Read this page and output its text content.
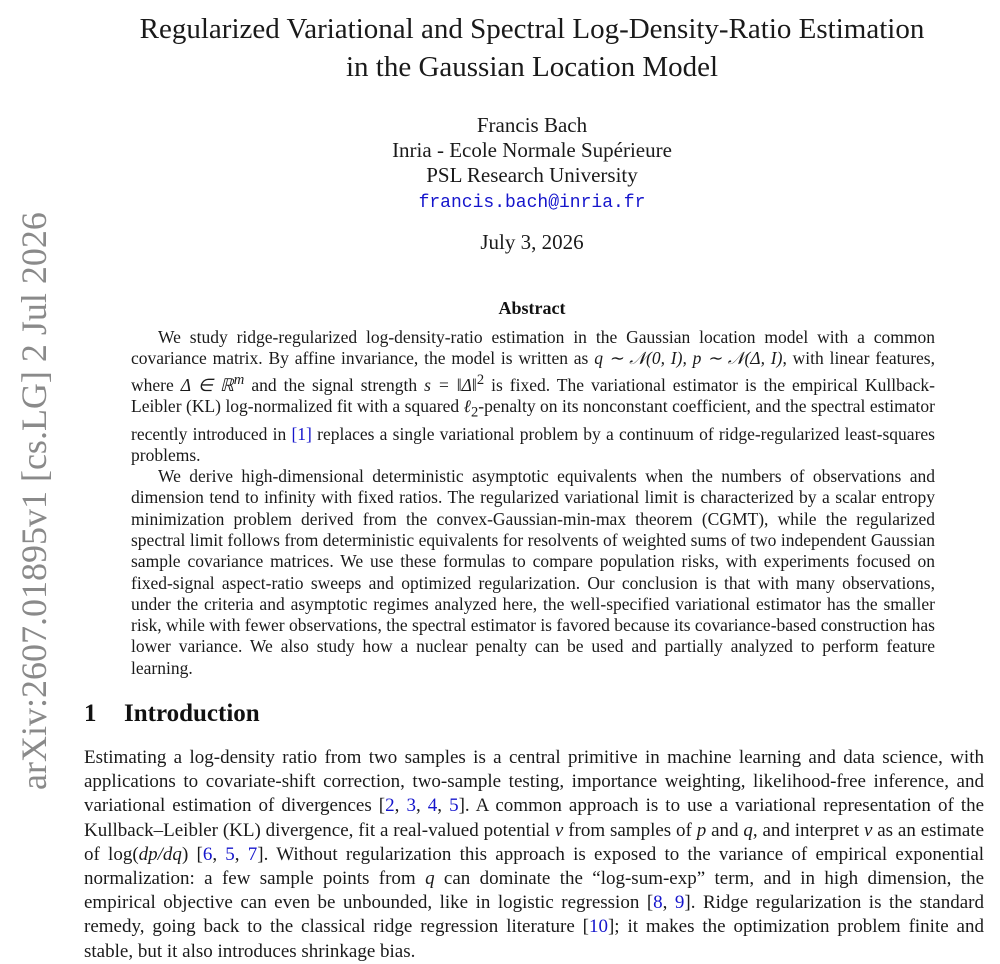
arXiv:2607.01895v1 [cs.LG] 2 Jul 2026
Regularized Variational and Spectral Log-Density-Ratio Estimation
in the Gaussian Location Model
Francis Bach
Inria - Ecole Normale Supérieure
PSL Research University
francis.bach@inria.fr
July 3, 2026
Abstract

We study ridge-regularized log-density-ratio estimation in the Gaussian location model with a common covariance matrix. By affine invariance, the model is written as q ∼ 𝒩(0, I), p ∼ 𝒩(Δ, I), with linear features, where Δ ∈ ℝ$^m$ and the signal strength s = ‖Δ‖$^2$ is fixed. The variational estimator is the empirical Kullback-Leibler (KL) log-normalized fit with a squared ℓ$_2$-penalty on its nonconstant coefficient, and the spectral estimator recently introduced in [1] replaces a single variational problem by a continuum of ridge-regularized least-squares problems.

We derive high-dimensional deterministic asymptotic equivalents when the numbers of observations and dimension tend to infinity with fixed ratios. The regularized variational limit is characterized by a scalar entropy minimization problem derived from the convex-Gaussian-min-max theorem (CGMT), while the regularized spectral limit follows from deterministic equivalents for resolvents of weighted sums of two independent Gaussian sample covariance matrices. We use these formulas to compare population risks, with experiments focused on fixed-signal aspect-ratio sweeps and optimized regularization. Our conclusion is that with many observations, under the criteria and asymptotic regimes analyzed here, the well-specified variational estimator has the smaller risk, while with fewer observations, the spectral estimator is favored because its covariance-based construction has lower variance. We also study how a nuclear penalty can be used and partially analyzed to perform feature learning.

1 Introduction

Estimating a log-density ratio from two samples is a central primitive in machine learning and data science, with applications to covariate-shift correction, two-sample testing, importance weighting, likelihood-free inference, and variational estimation of divergences [2, 3, 4, 5]. A common approach is to use a variational representation of the Kullback–Leibler (KL) divergence, fit a real-valued potential v from samples of p and q, and interpret v as an estimate of log(dp/dq) [6, 5, 7]. Without regularization this approach is exposed to the variance of empirical exponential normalization: a few sample points from q can dominate the “log-sum-exp” term, and in high dimension, the empirical objective can even be unbounded, like in logistic regression [8, 9]. Ridge regularization is the standard remedy, going back to the classical ridge regression literature [10]; it makes the optimization problem finite and stable, but it also introduces shrinkage bias.
